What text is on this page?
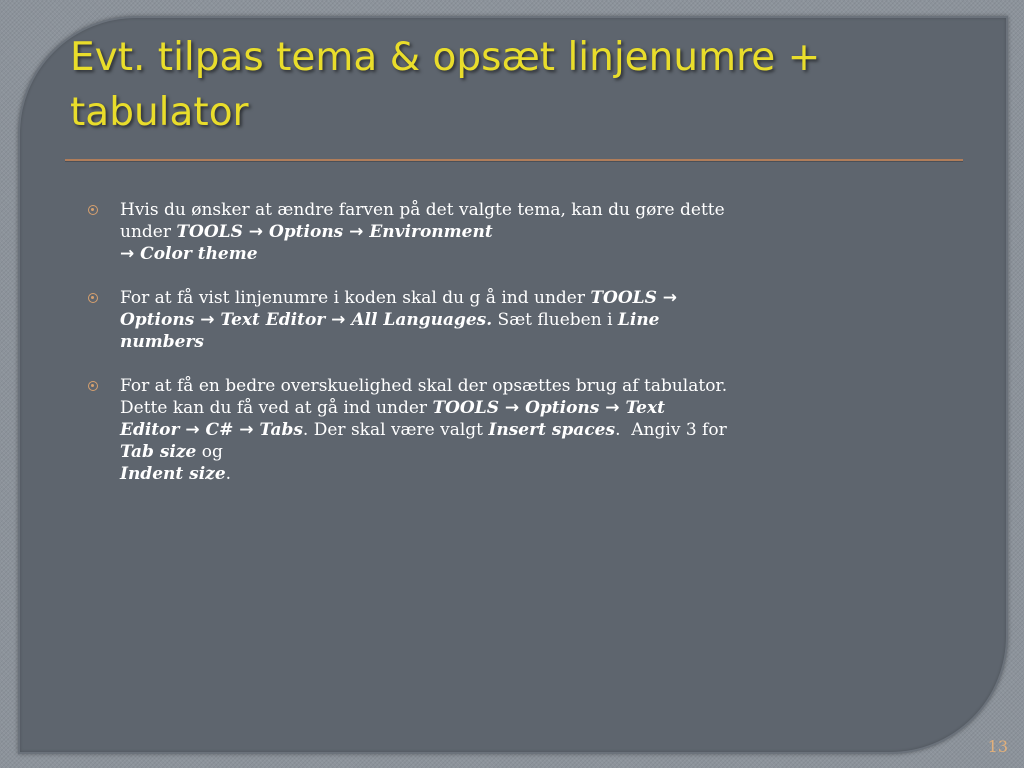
Evt. tilpas tema & opsæt linjenumre + tabulator
Hvis du ønsker at ændre farven på det valgte tema, kan du gøre dette under TOOLS → Options → Environment
→ Color theme
For at få vist linjenumre i koden skal du g å ind under TOOLS → Options → Text Editor → All Languages. Sæt flueben i Line numbers
For at få en bedre overskuelighed skal der opsættes brug af tabulator. Dette kan du få ved at gå ind under TOOLS → Options → Text Editor → C# → Tabs. Der skal være valgt Insert spaces.  Angiv 3 for  Tab size og
Indent size.
13
